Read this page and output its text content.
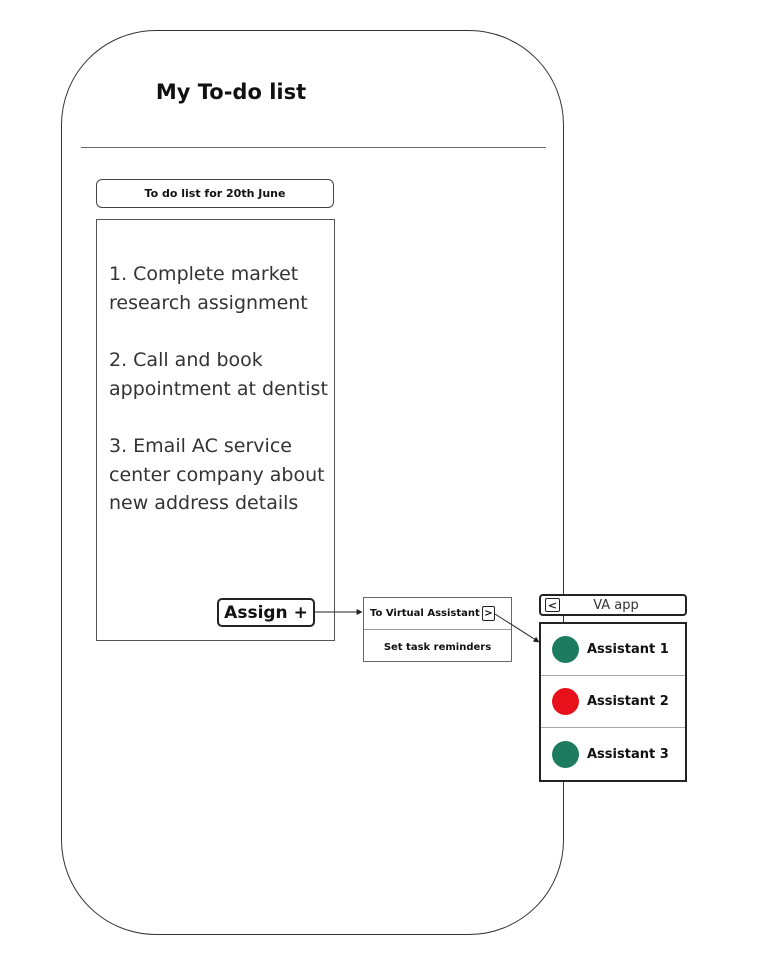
My To-do list
To do list for 20th June
1. Complete market research assignment
2. Call and book appointment at dentist
3. Email AC service center company about new address details
Assign +	To Virtual Assistant >
Set task reminders
<	VA app
Assistant 1
Assistant 2
Assistant 3
